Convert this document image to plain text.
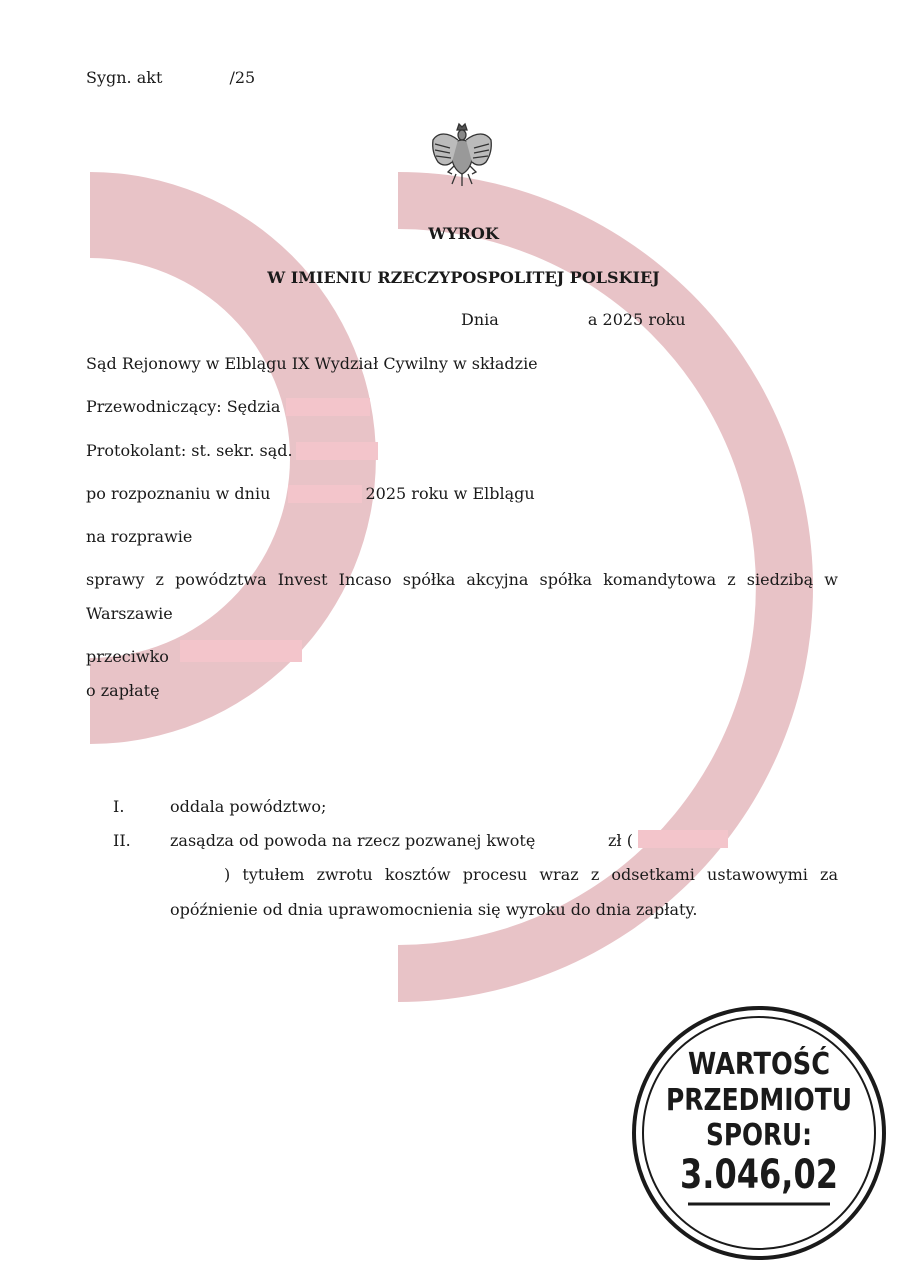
Sygn. akt	/25
WYROK
W IMIENIU RZECZYPOSPOLITEJ POLSKIEJ
Dnia	a 2025 roku
Sąd Rejonowy w Elblągu IX Wydział Cywilny w składzie
Przewodniczący: Sędzia
Protokolant: st. sekr. sąd.
po rozpoznaniu w dniu	2025 roku w Elblągu
na rozprawie
sprawy z powództwa Invest Incaso spółka akcyjna spółka komandytowa z siedzibą w
Warszawie
przeciwko
o zapłatę
I.	oddala powództwo;
II. zasądza od powoda na rzecz pozwanej kwotę	zł (
) tytułem zwrotu kosztów procesu wraz z odsetkami ustawowymi za
opóźnienie od dnia uprawomocnienia się wyroku do dnia zapłaty.
WARTOŚĆ
PRZEDMIOTU
SPORU:
3.046,02
